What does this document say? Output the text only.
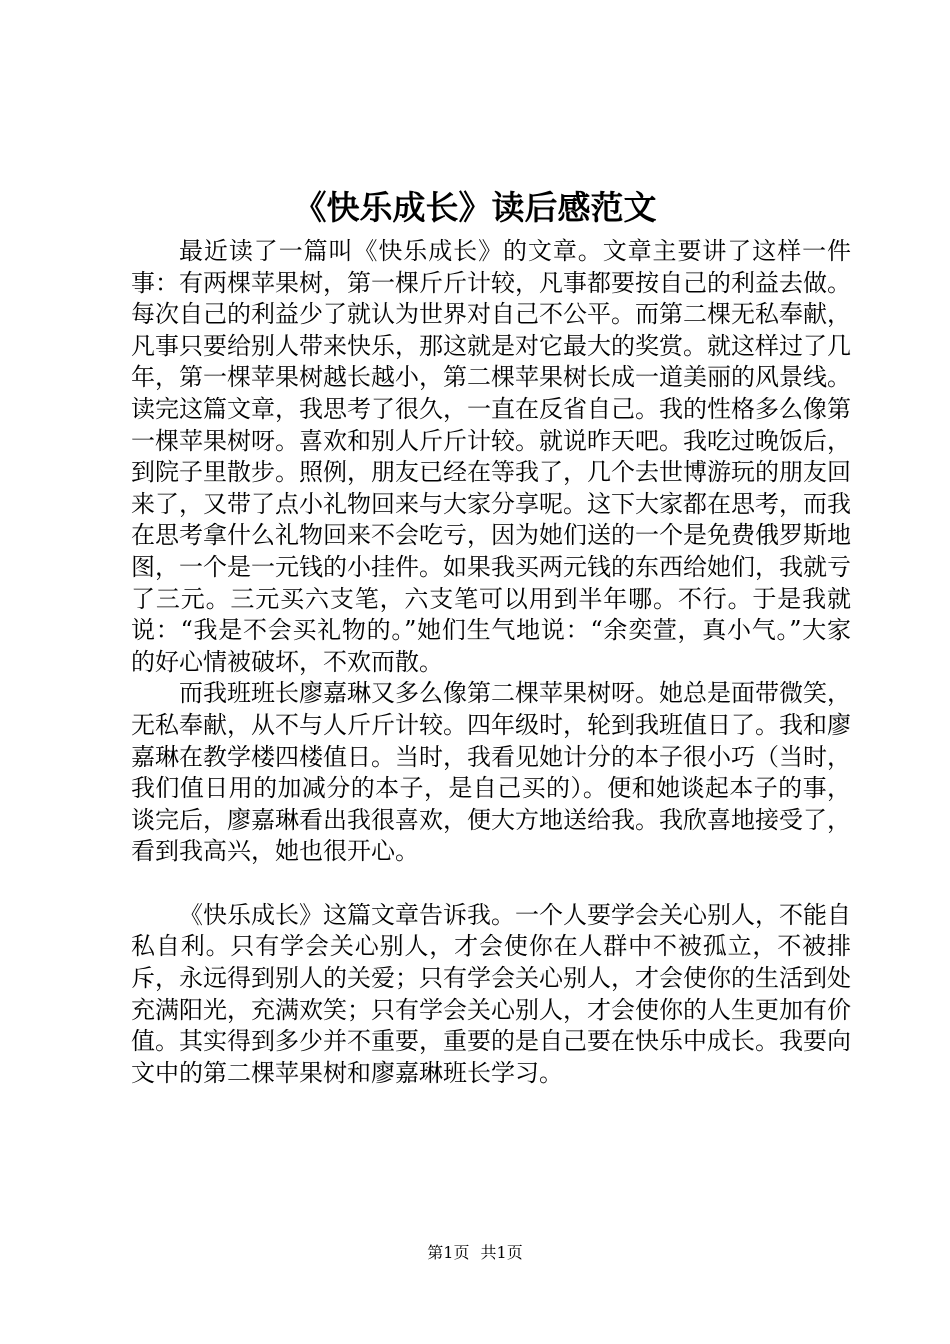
《快乐成长》读后感范文

最近读了一篇叫《快乐成长》的文章。文章主要讲了这样一件事：有两棵苹果树，第一棵斤斤计较，凡事都要按自己的利益去做。每次自己的利益少了就认为世界对自己不公平。而第二棵无私奉献，凡事只要给别人带来快乐，那这就是对它最大的奖赏。就这样过了几年，第一棵苹果树越长越小，第二棵苹果树长成一道美丽的风景线。读完这篇文章，我思考了很久，一直在反省自己。我的性格多么像第一棵苹果树呀。喜欢和别人斤斤计较。就说昨天吧。我吃过晚饭后，到院子里散步。照例，朋友已经在等我了，几个去世博游玩的朋友回来了，又带了点小礼物回来与大家分享呢。这下大家都在思考，而我在思考拿什么礼物回来不会吃亏，因为她们送的一个是免费俄罗斯地图，一个是一元钱的小挂件。如果我买两元钱的东西给她们，我就亏了三元。三元买六支笔，六支笔可以用到半年哪。不行。于是我就说：“我是不会买礼物的。”她们生气地说：“余奕萱，真小气。”大家的好心情被破坏，不欢而散。

而我班班长廖嘉琳又多么像第二棵苹果树呀。她总是面带微笑，无私奉献，从不与人斤斤计较。四年级时，轮到我班值日了。我和廖嘉琳在教学楼四楼值日。当时，我看见她计分的本子很小巧（当时，我们值日用的加减分的本子，是自己买的）。便和她谈起本子的事，谈完后，廖嘉琳看出我很喜欢，便大方地送给我。我欣喜地接受了，看到我高兴，她也很开心。

《快乐成长》这篇文章告诉我。一个人要学会关心别人，不能自私自利。只有学会关心别人，才会使你在人群中不被孤立，不被排斥，永远得到别人的关爱；只有学会关心别人，才会使你的生活到处充满阳光，充满欢笑；只有学会关心别人，才会使你的人生更加有价值。其实得到多少并不重要，重要的是自己要在快乐中成长。我要向文中的第二棵苹果树和廖嘉琳班长学习。

第1页 共1页
